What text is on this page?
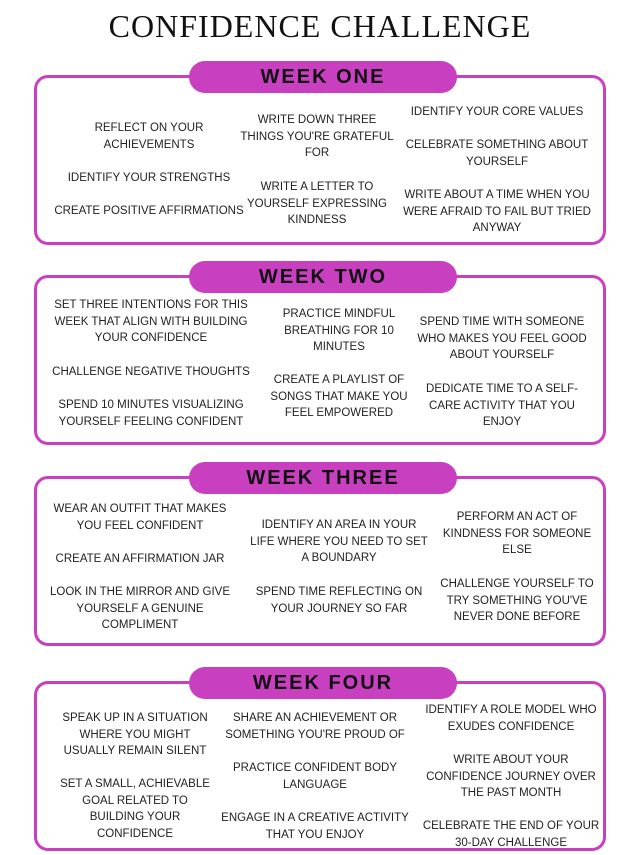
CONFIDENCE CHALLENGE
WEEK ONE
REFLECT ON YOUR ACHIEVEMENTS
IDENTIFY YOUR STRENGTHS
CREATE POSITIVE AFFIRMATIONS
WRITE DOWN THREE THINGS YOU'RE GRATEFUL FOR
WRITE A LETTER TO YOURSELF EXPRESSING KINDNESS
IDENTIFY YOUR CORE VALUES
CELEBRATE SOMETHING ABOUT YOURSELF
WRITE ABOUT A TIME WHEN YOU WERE AFRAID TO FAIL BUT TRIED ANYWAY
WEEK TWO
SET THREE INTENTIONS FOR THIS WEEK THAT ALIGN WITH BUILDING YOUR CONFIDENCE
CHALLENGE NEGATIVE THOUGHTS
SPEND 10 MINUTES VISUALIZING YOURSELF FEELING CONFIDENT
PRACTICE MINDFUL BREATHING FOR 10 MINUTES
CREATE A PLAYLIST OF SONGS THAT MAKE YOU FEEL EMPOWERED
SPEND TIME WITH SOMEONE WHO MAKES YOU FEEL GOOD ABOUT YOURSELF
DEDICATE TIME TO A SELF-CARE ACTIVITY THAT YOU ENJOY
WEEK THREE
WEAR AN OUTFIT THAT MAKES YOU FEEL CONFIDENT
CREATE AN AFFIRMATION JAR
LOOK IN THE MIRROR AND GIVE YOURSELF A GENUINE COMPLIMENT
IDENTIFY AN AREA IN YOUR LIFE WHERE YOU NEED TO SET A BOUNDARY
SPEND TIME REFLECTING ON YOUR JOURNEY SO FAR
PERFORM AN ACT OF KINDNESS FOR SOMEONE ELSE
CHALLENGE YOURSELF TO TRY SOMETHING YOU'VE NEVER DONE BEFORE
WEEK FOUR
SPEAK UP IN A SITUATION WHERE YOU MIGHT USUALLY REMAIN SILENT
SET A SMALL, ACHIEVABLE GOAL RELATED TO BUILDING YOUR CONFIDENCE
SHARE AN ACHIEVEMENT OR SOMETHING YOU'RE PROUD OF
PRACTICE CONFIDENT BODY LANGUAGE
ENGAGE IN A CREATIVE ACTIVITY THAT YOU ENJOY
IDENTIFY A ROLE MODEL WHO EXUDES CONFIDENCE
WRITE ABOUT YOUR CONFIDENCE JOURNEY OVER THE PAST MONTH
CELEBRATE THE END OF YOUR 30-DAY CHALLENGE
